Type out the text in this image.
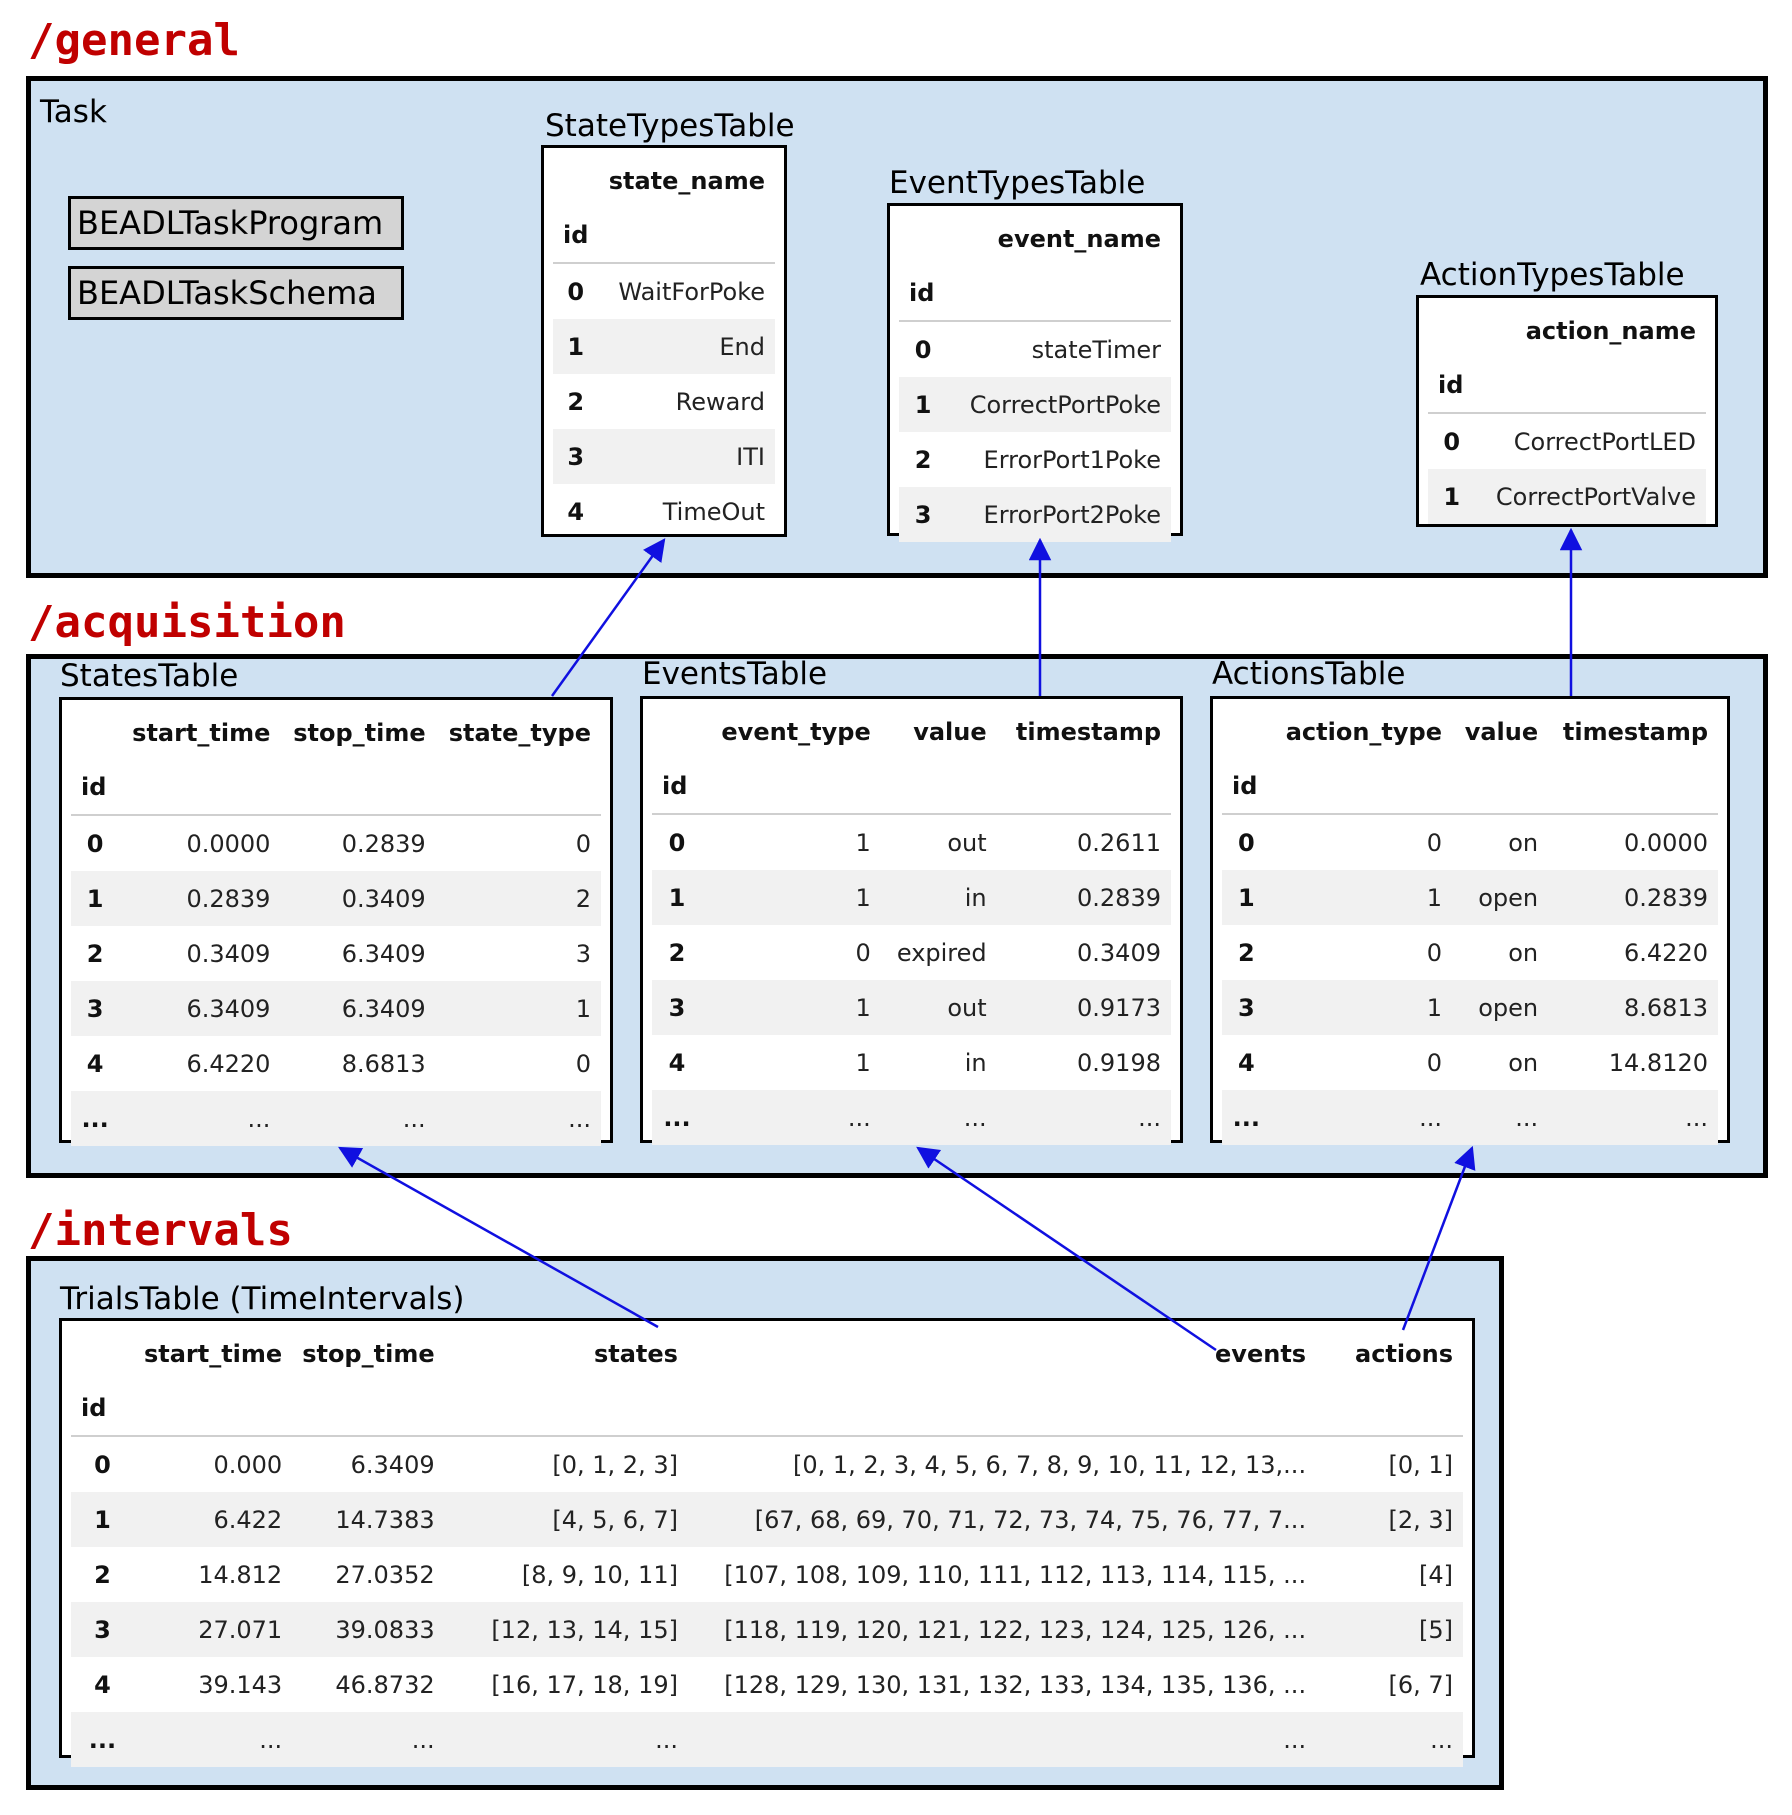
/general
/acquisition
/intervals
Task
BEADLTaskProgram
BEADLTaskSchema
StateTypesTable
	state_name
id	
0	WaitForPoke
1	End
2	Reward
3	ITI
4	TimeOut
EventTypesTable
	event_name
id	
0	stateTimer
1	CorrectPortPoke
2	ErrorPort1Poke
3	ErrorPort2Poke
ActionTypesTable
	action_name
id	
0	CorrectPortLED
1	CorrectPortValve
StatesTable
	start_time	stop_time	state_type
id			
0	0.0000	0.2839	0
1	0.2839	0.3409	2
2	0.3409	6.3409	3
3	6.3409	6.3409	1
4	6.4220	8.6813	0
...	...	...	...
EventsTable
	event_type	value	timestamp
id			
0	1	out	0.2611
1	1	in	0.2839
2	0	expired	0.3409
3	1	out	0.9173
4	1	in	0.9198
...	...	...	...
ActionsTable
	action_type	value	timestamp
id			
0	0	on	0.0000
1	1	open	0.2839
2	0	on	6.4220
3	1	open	8.6813
4	0	on	14.8120
...	...	...	...
TrialsTable (TimeIntervals)
	start_time	stop_time	states	events	actions
id					
0	0.000	6.3409	[0, 1, 2, 3]	[0, 1, 2, 3, 4, 5, 6, 7, 8, 9, 10, 11, 12, 13,...	[0, 1]
1	6.422	14.7383	[4, 5, 6, 7]	[67, 68, 69, 70, 71, 72, 73, 74, 75, 76, 77, 7...	[2, 3]
2	14.812	27.0352	[8, 9, 10, 11]	[107, 108, 109, 110, 111, 112, 113, 114, 115, ...	[4]
3	27.071	39.0833	[12, 13, 14, 15]	[118, 119, 120, 121, 122, 123, 124, 125, 126, ...	[5]
4	39.143	46.8732	[16, 17, 18, 19]	[128, 129, 130, 131, 132, 133, 134, 135, 136, ...	[6, 7]
...	...	...	...	...	...
